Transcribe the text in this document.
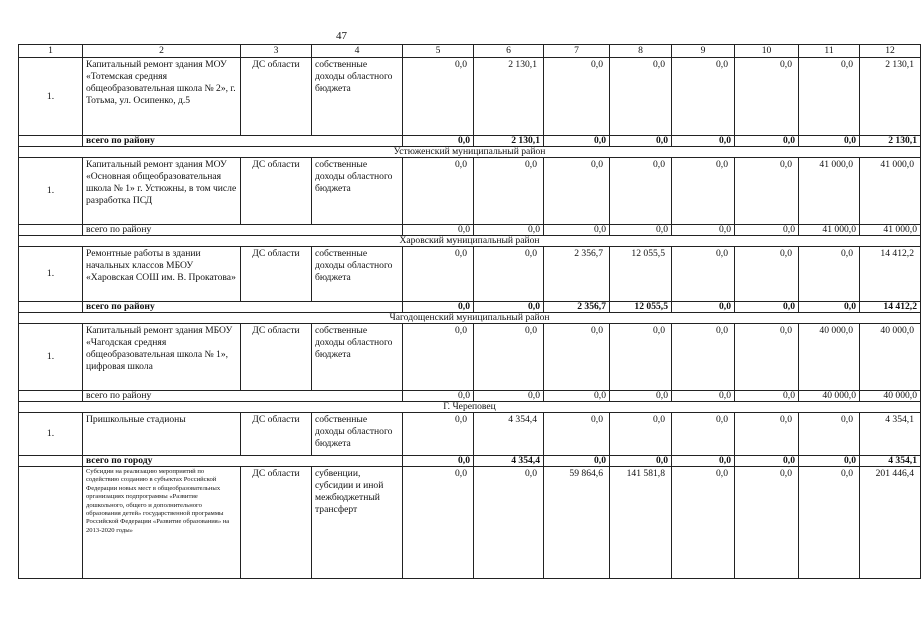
47
1	2	3	4	5	6	7	8	9	10	11	12
1.	Капитальный ремонт здания МОУ «Тотемская средняя общеобразовательная школа № 2», г. Тотьма, ул. Осипенко, д.5	ДС области	собственные доходы областного бюджета	0,0	2 130,1	0,0	0,0	0,0	0,0	0,0	2 130,1
	всего по району			0,0	2 130,1	0,0	0,0	0,0	0,0	0,0	2 130,1
Устюженский муниципальный район											
1.	Капитальный ремонт здания МОУ «Основная общеобразовательная школа № 1» г. Устюжны, в том числе разработка ПСД	ДС области	собственные доходы областного бюджета	0,0	0,0	0,0	0,0	0,0	0,0	41 000,0	41 000,0
	всего по району			0,0	0,0	0,0	0,0	0,0	0,0	41 000,0	41 000,0
Харовский муниципальный район											
1.	Ремонтные работы в здании начальных классов МБОУ «Харовская СОШ им. В. Прокатова»	ДС области	собственные доходы областного бюджета	0,0	0,0	2 356,7	12 055,5	0,0	0,0	0,0	14 412,2
	всего по району			0,0	0,0	2 356,7	12 055,5	0,0	0,0	0,0	14 412,2
Чагодощенский муниципальный район											
1.	Капитальный ремонт здания МБОУ «Чагодская средняя общеобразовательная школа № 1», цифровая школа	ДС области	собственные доходы областного бюджета	0,0	0,0	0,0	0,0	0,0	0,0	40 000,0	40 000,0
	всего по району			0,0	0,0	0,0	0,0	0,0	0,0	40 000,0	40 000,0
Г. Череповец											
1.	Пришкольные стадионы	ДС области	собственные доходы областного бюджета	0,0	4 354,4	0,0	0,0	0,0	0,0	0,0	4 354,1
	всего по городу			0,0	4 354,4	0,0	0,0	0,0	0,0	0,0	4 354,1
	Субсидии на реализацию мероприятий по содействию созданию в субъектах Российской Федерации новых мест в общеобразовательных организациях подпрограммы «Развитие дошкольного, общего и дополнительного образования детей» государственной программы Российской Федерации «Развитие образования» на 2013-2020 годы»	ДС области	субвенции, субсидии и иной межбюджетный трансферт	0,0	0,0	59 864,6	141 581,8	0,0	0,0	0,0	201 446,4
